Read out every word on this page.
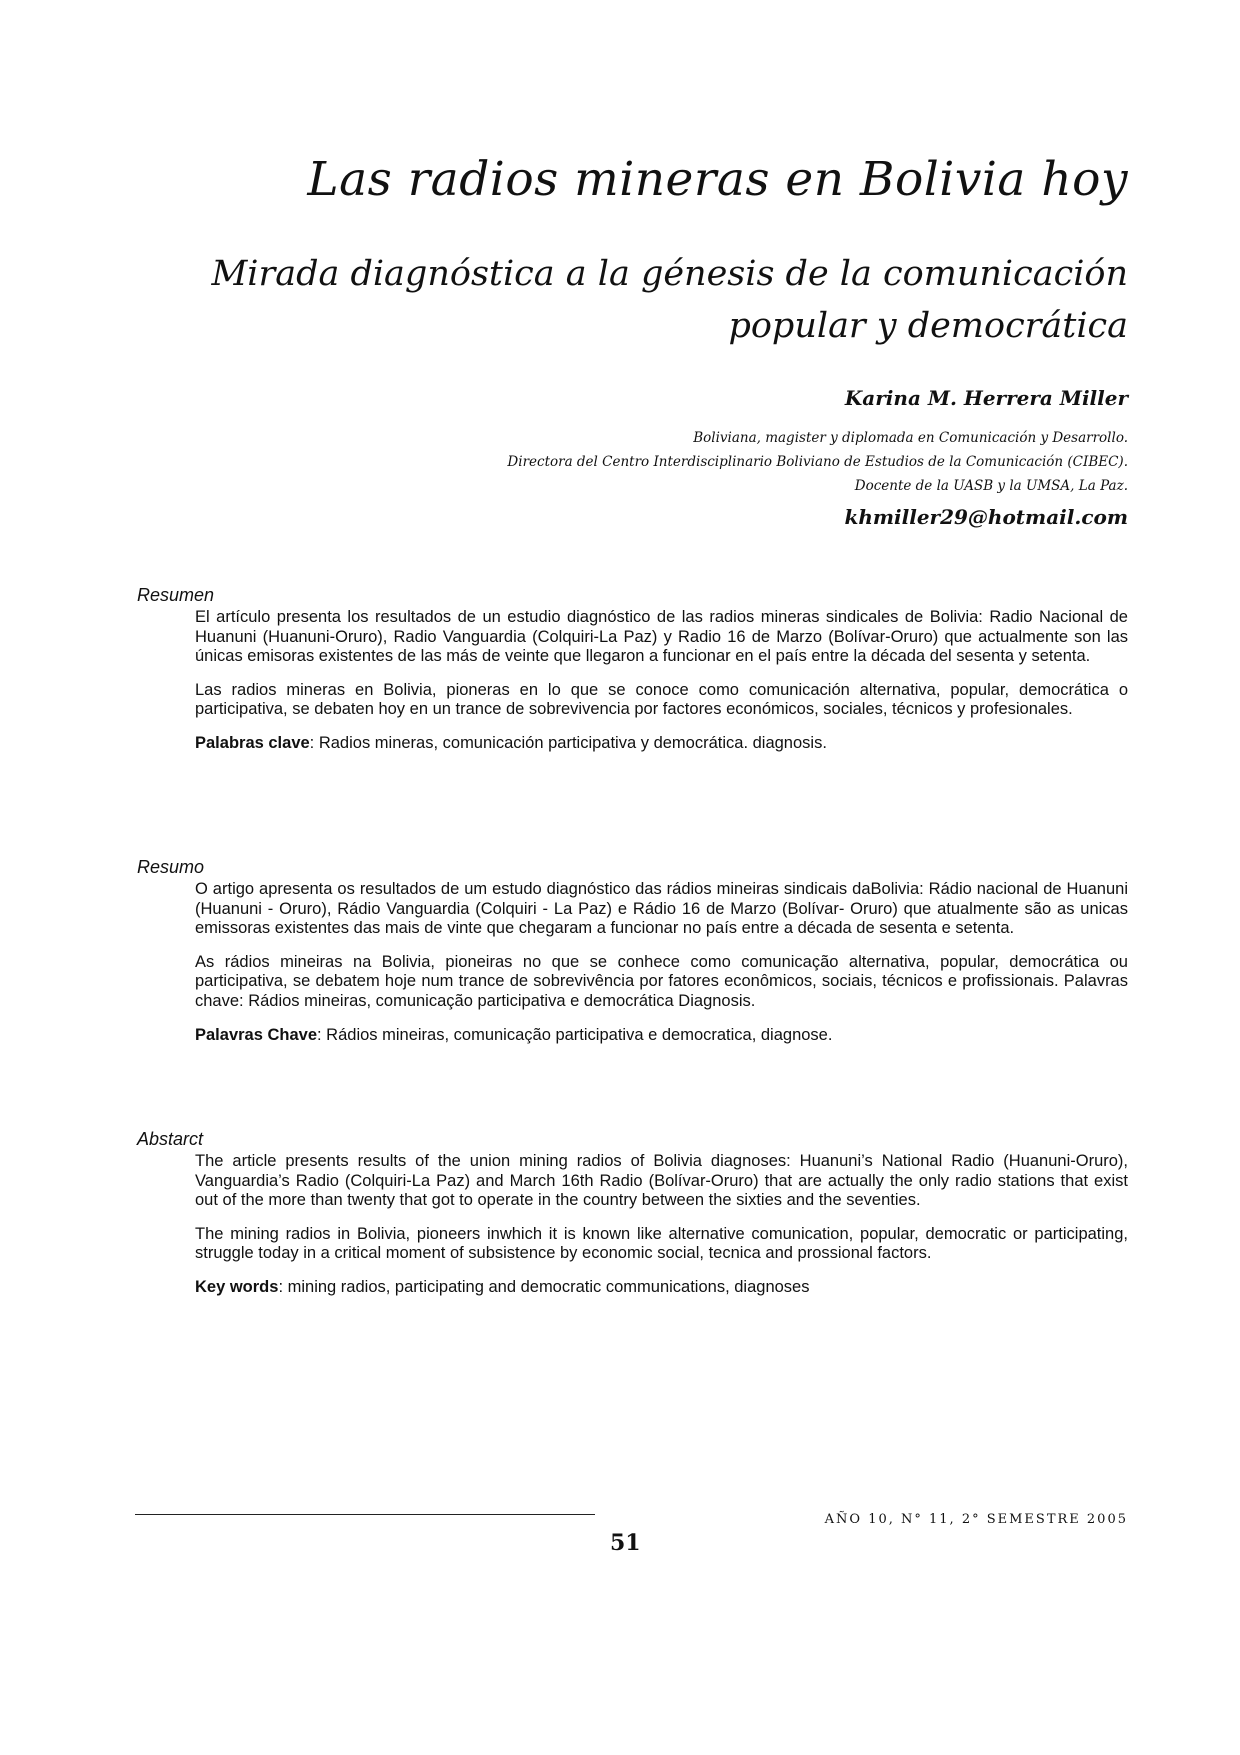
Las radios mineras en Bolivia hoy
Mirada diagnóstica a la génesis de la comunicación popular y democrática
Karina M. Herrera Miller
Boliviana, magister y diplomada en Comunicación y Desarrollo.
Directora del Centro Interdisciplinario Boliviano de Estudios de la Comunicación (CIBEC).
Docente de la UASB y la UMSA, La Paz.
khmiller29@hotmail.com
Resumen

El artículo presenta los resultados de un estudio diagnóstico de las radios mineras sindicales de Bolivia: Radio Nacional de Huanuni (Huanuni-Oruro), Radio Vanguardia (Colquiri-La Paz) y Radio 16 de Marzo (Bolívar-Oruro) que actualmente son las únicas emisoras existentes de las más de veinte que llegaron a funcionar en el país entre la década del sesenta y setenta.

Las radios mineras en Bolivia, pioneras en lo que se conoce como comunicación alternativa, popular, democrática o participativa, se debaten hoy en un trance de sobrevivencia por factores económicos, sociales, técnicos y profesionales.

Palabras clave: Radios mineras, comunicación participativa y democrática. diagnosis.

Resumo

O artigo apresenta os resultados de um estudo diagnóstico das rádios mineiras sindicais daBolivia: Rádio nacional de Huanuni (Huanuni - Oruro), Rádio Vanguardia (Colquiri - La Paz) e Rádio 16 de Marzo (Bolívar- Oruro) que atualmente são as unicas emissoras existentes das mais de vinte que chegaram a funcionar no país entre a década de sesenta e setenta.

As rádios mineiras na Bolivia, pioneiras no que se conhece como comunicação alternativa, popular, democrática ou participativa, se debatem hoje num trance de sobrevivência por fatores econômicos, sociais, técnicos e profissionais. Palavras chave: Rádios mineiras, comunicação participativa e democrática Diagnosis.

Palavras Chave: Rádios mineiras, comunicação participativa e democratica, diagnose.

Abstarct

The article presents results of the union mining radios of Bolivia diagnoses: Huanuni’s National Radio (Huanuni-Oruro), Vanguardia’s Radio (Colquiri-La Paz) and March 16th Radio (Bolívar-Oruro) that are actually the only radio stations that exist out of the more than twenty that got to operate in the country between the sixties and the seventies.

The mining radios in Bolivia, pioneers inwhich it is known like alternative comunication, popular, democratic or participating, struggle today in a critical moment of subsistence by economic social, tecnica and prossional factors.

Key words: mining radios, participating and democratic communications, diagnoses

AÑO 10, N° 11, 2° SEMESTRE 2005
51
